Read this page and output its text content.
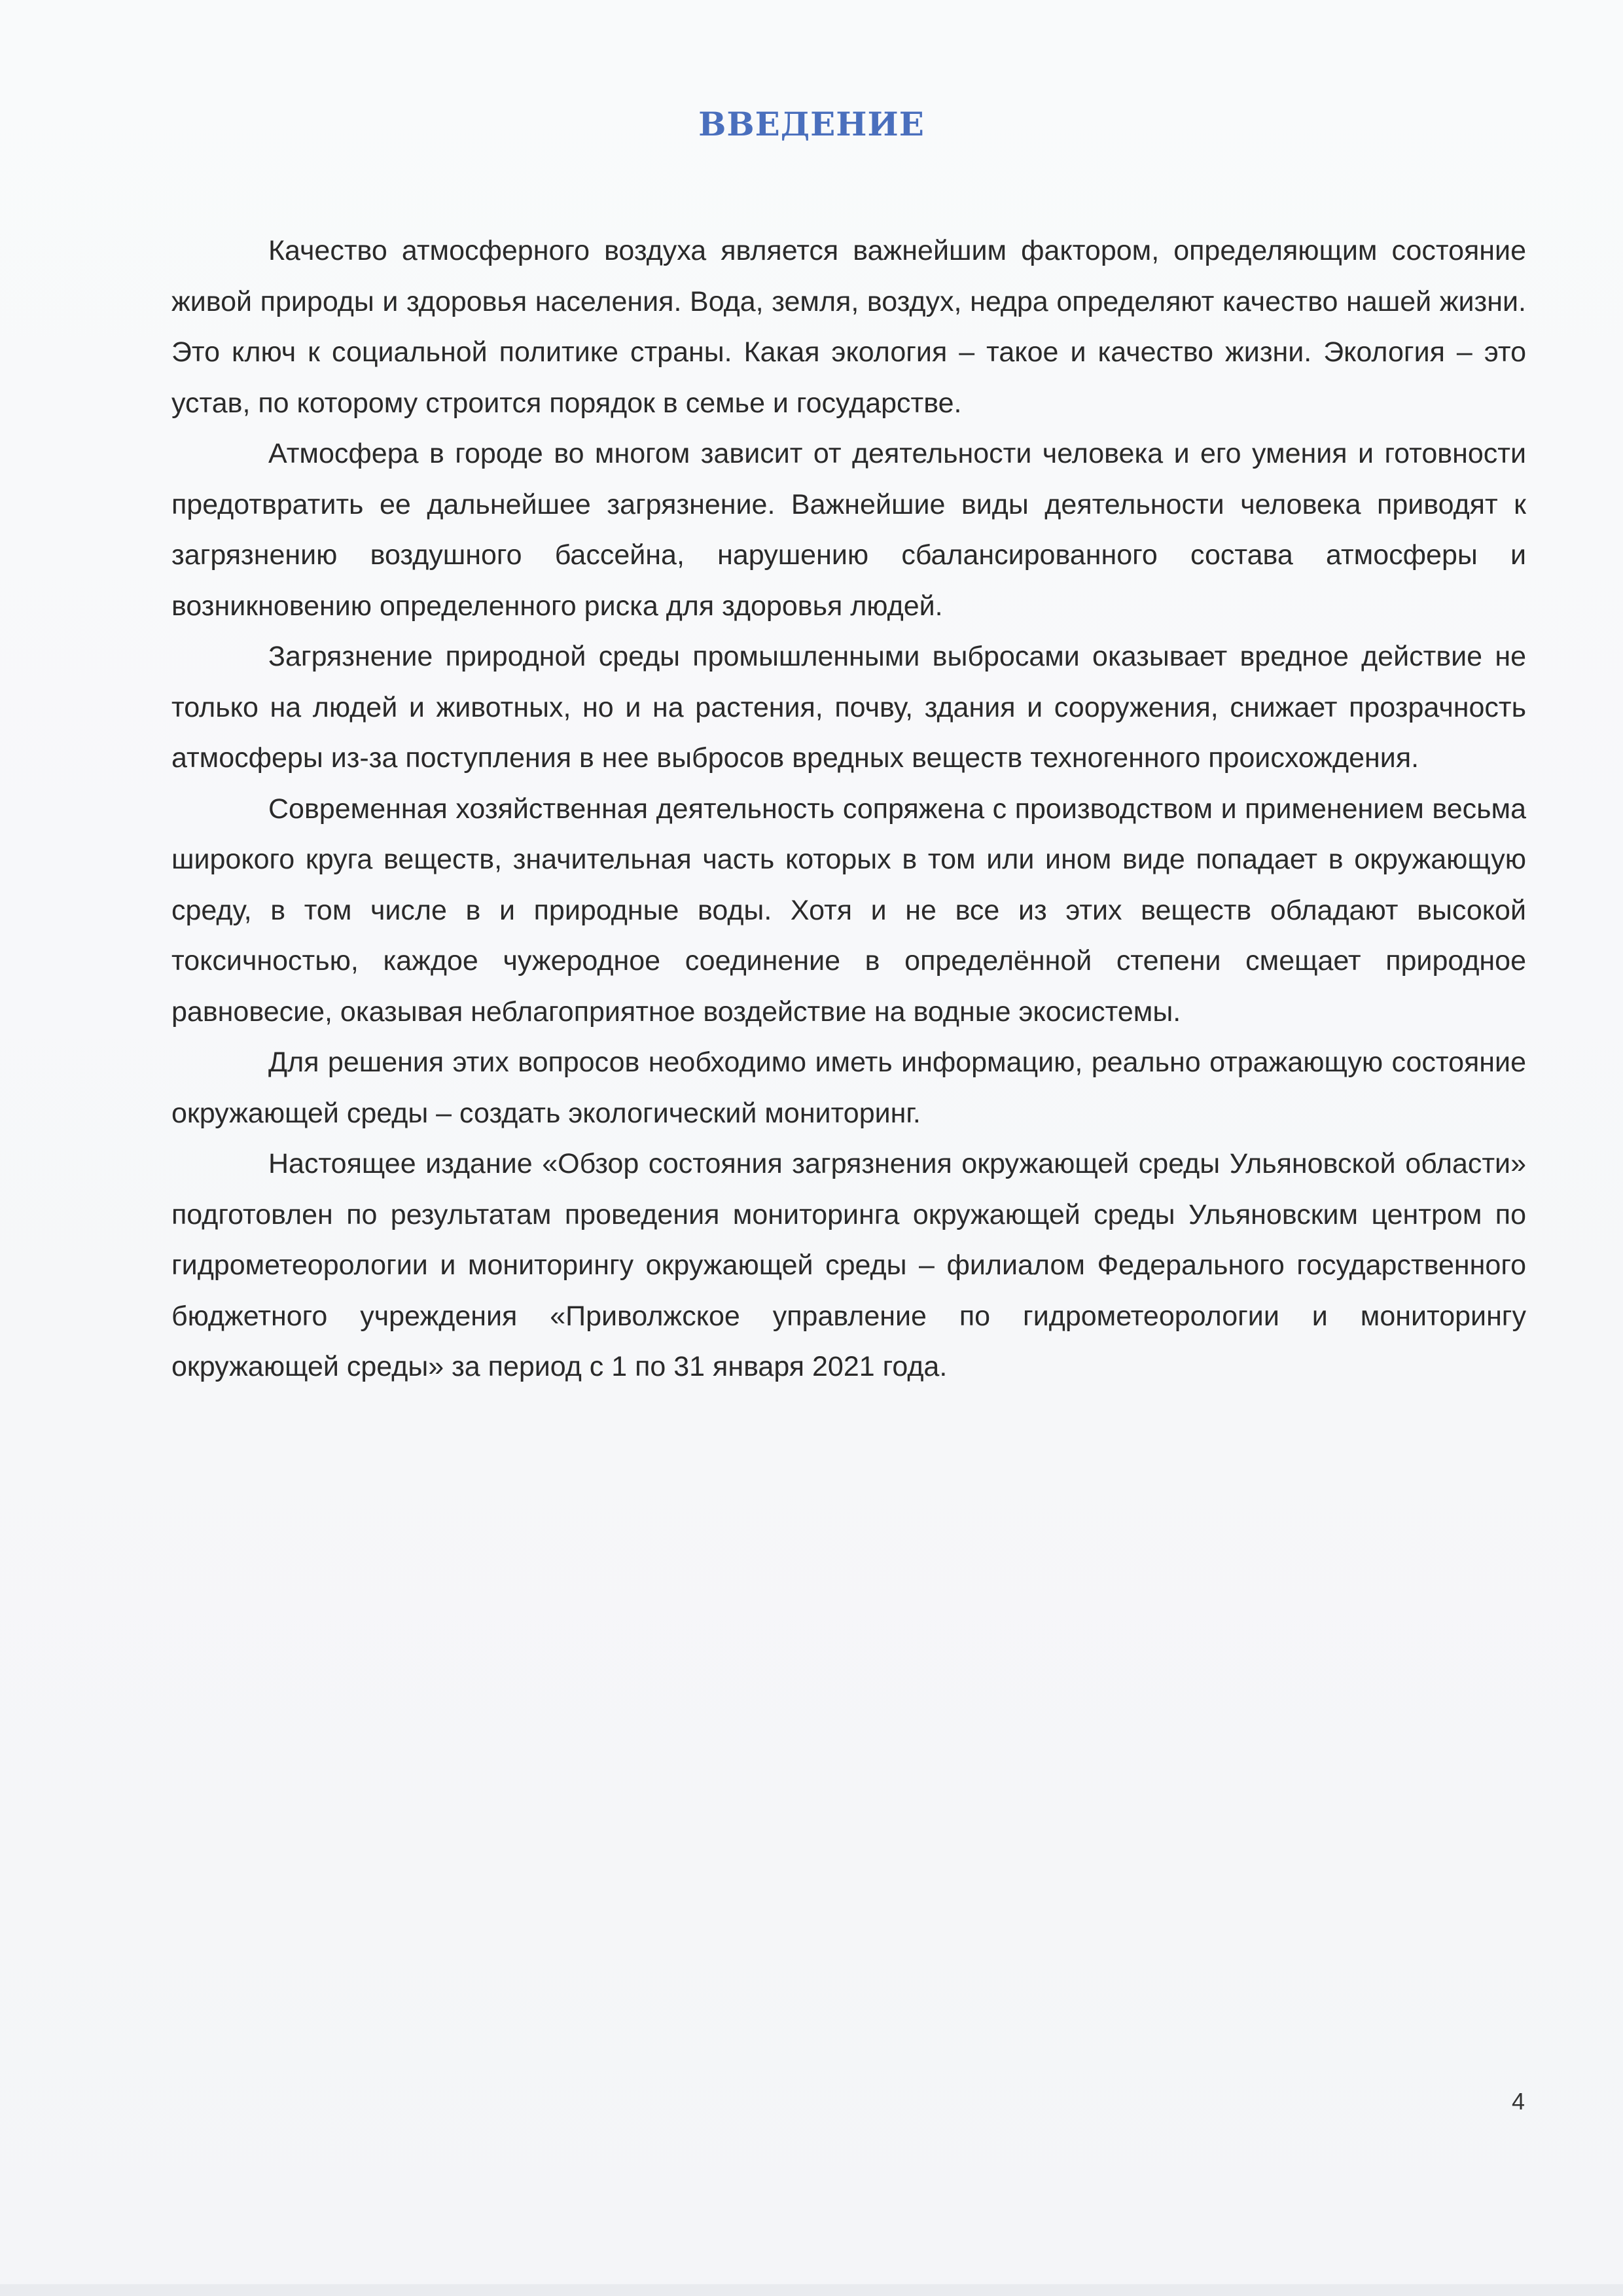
ВВЕДЕНИЕ

Качество атмосферного воздуха является важнейшим фактором, определяющим состояние живой природы и здоровья населения. Вода, земля, воздух, недра определяют качество нашей жизни. Это ключ к социальной политике страны. Какая экология – такое и качество жизни. Экология – это устав, по которому строится порядок в семье и государстве.

Атмосфера в городе во многом зависит от деятельности человека и его умения и готовности предотвратить ее дальнейшее загрязнение. Важнейшие виды деятельности человека приводят к загрязнению воздушного бассейна, нарушению сбалансированного состава атмосферы и возникновению определенного риска для здоровья людей.

Загрязнение природной среды промышленными выбросами оказывает вредное действие не только на людей и животных, но и на растения, почву, здания и сооружения, снижает прозрачность атмосферы из-за поступления в нее выбросов вредных веществ техногенного происхождения.

Современная хозяйственная деятельность сопряжена с производством и применением весьма широкого круга веществ, значительная часть которых в том или ином виде попадает в окружающую среду, в том числе в и природные воды. Хотя и не все из этих веществ обладают высокой токсичностью, каждое чужеродное соединение в определённой степени смещает природное равновесие, оказывая неблагоприятное воздействие на водные экосистемы.

Для решения этих вопросов необходимо иметь информацию, реально отражающую состояние окружающей среды – создать экологический мониторинг.

Настоящее издание «Обзор состояния загрязнения окружающей среды Ульяновской области» подготовлен по результатам проведения мониторинга окружающей среды Ульяновским центром по гидрометеорологии и мониторингу окружающей среды – филиалом Федерального государственного бюджетного учреждения «Приволжское управление по гидрометеорологии и мониторингу окружающей среды» за период с 1 по 31 января 2021 года.

4
